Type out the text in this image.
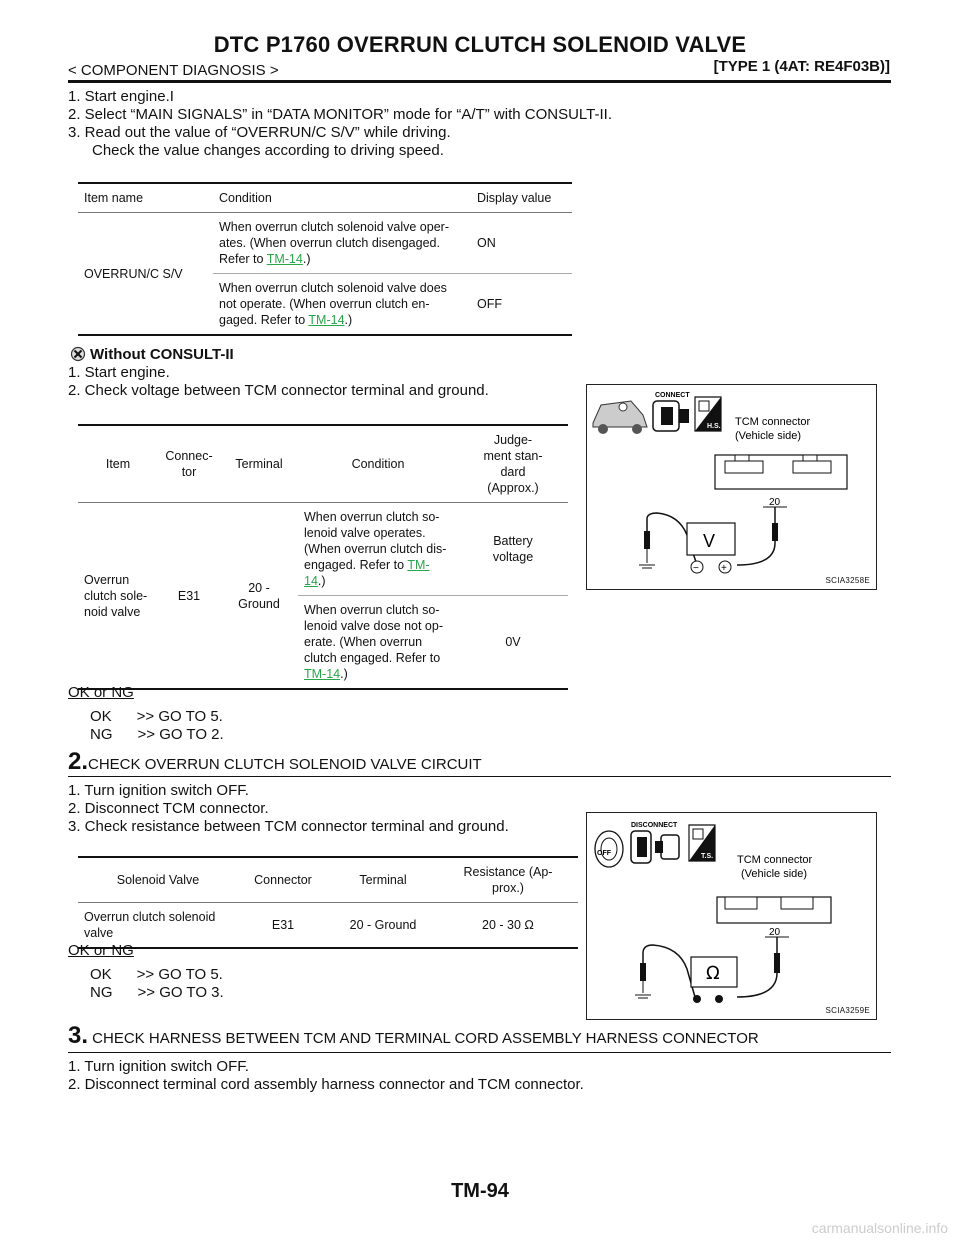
DTC P1760 OVERRUN CLUTCH SOLENOID VALVE
< COMPONENT DIAGNOSIS >	[TYPE 1 (4AT: RE4F03B)]
1. Start engine.I
2. Select “MAIN SIGNALS” in “DATA MONITOR” mode for “A/T” with CONSULT-II.
3. Read out the value of “OVERRUN/C S/V” while driving.
Check the value changes according to driving speed.
Item name	Condition	Display value
OVERRUN/C S/V	When overrun clutch solenoid valve oper-
ates. (When overrun clutch disengaged.
Refer to TM-14.)	ON
	When overrun clutch solenoid valve does
not operate. (When overrun clutch en-
gaged. Refer to TM-14.)	OFF
Without CONSULT-II
1. Start engine.
2. Check voltage between TCM connector terminal and ground.
Item	Connec-
tor	Terminal	Condition	Judge-
ment stan-
dard
(Approx.)
Overrun
clutch sole-
noid valve	E31	20 -
Ground	When overrun clutch so-
lenoid valve operates.
(When overrun clutch dis-
engaged. Refer to TM-
14.)	Battery
voltage
			When overrun clutch so-
lenoid valve dose not op-
erate. (When overrun
clutch engaged. Refer to
TM-14.)	0V
CONNECT
H.S. TCM connector
(Vehicle side)
20
V
− +
SCIA3258E
OK or NG
OK      >> GO TO 5.
NG      >> GO TO 2.
2.CHECK OVERRUN CLUTCH SOLENOID VALVE CIRCUIT
1. Turn ignition switch OFF.
2. Disconnect TCM connector.
3. Check resistance between TCM connector terminal and ground.
Solenoid Valve	Connector	Terminal	Resistance (Ap-
prox.)
Overrun clutch solenoid
valve	E31	20 - Ground	20 - 30 Ω
OFF
DISCONNECT
T.S. TCM connector
(Vehicle side)
20
Ω
SCIA3259E
OK or NG
OK      >> GO TO 5.
NG      >> GO TO 3.
3. CHECK HARNESS BETWEEN TCM AND TERMINAL CORD ASSEMBLY HARNESS CONNECTOR
1. Turn ignition switch OFF.
2. Disconnect terminal cord assembly harness connector and TCM connector.
TM-94
carmanualsonline.info
